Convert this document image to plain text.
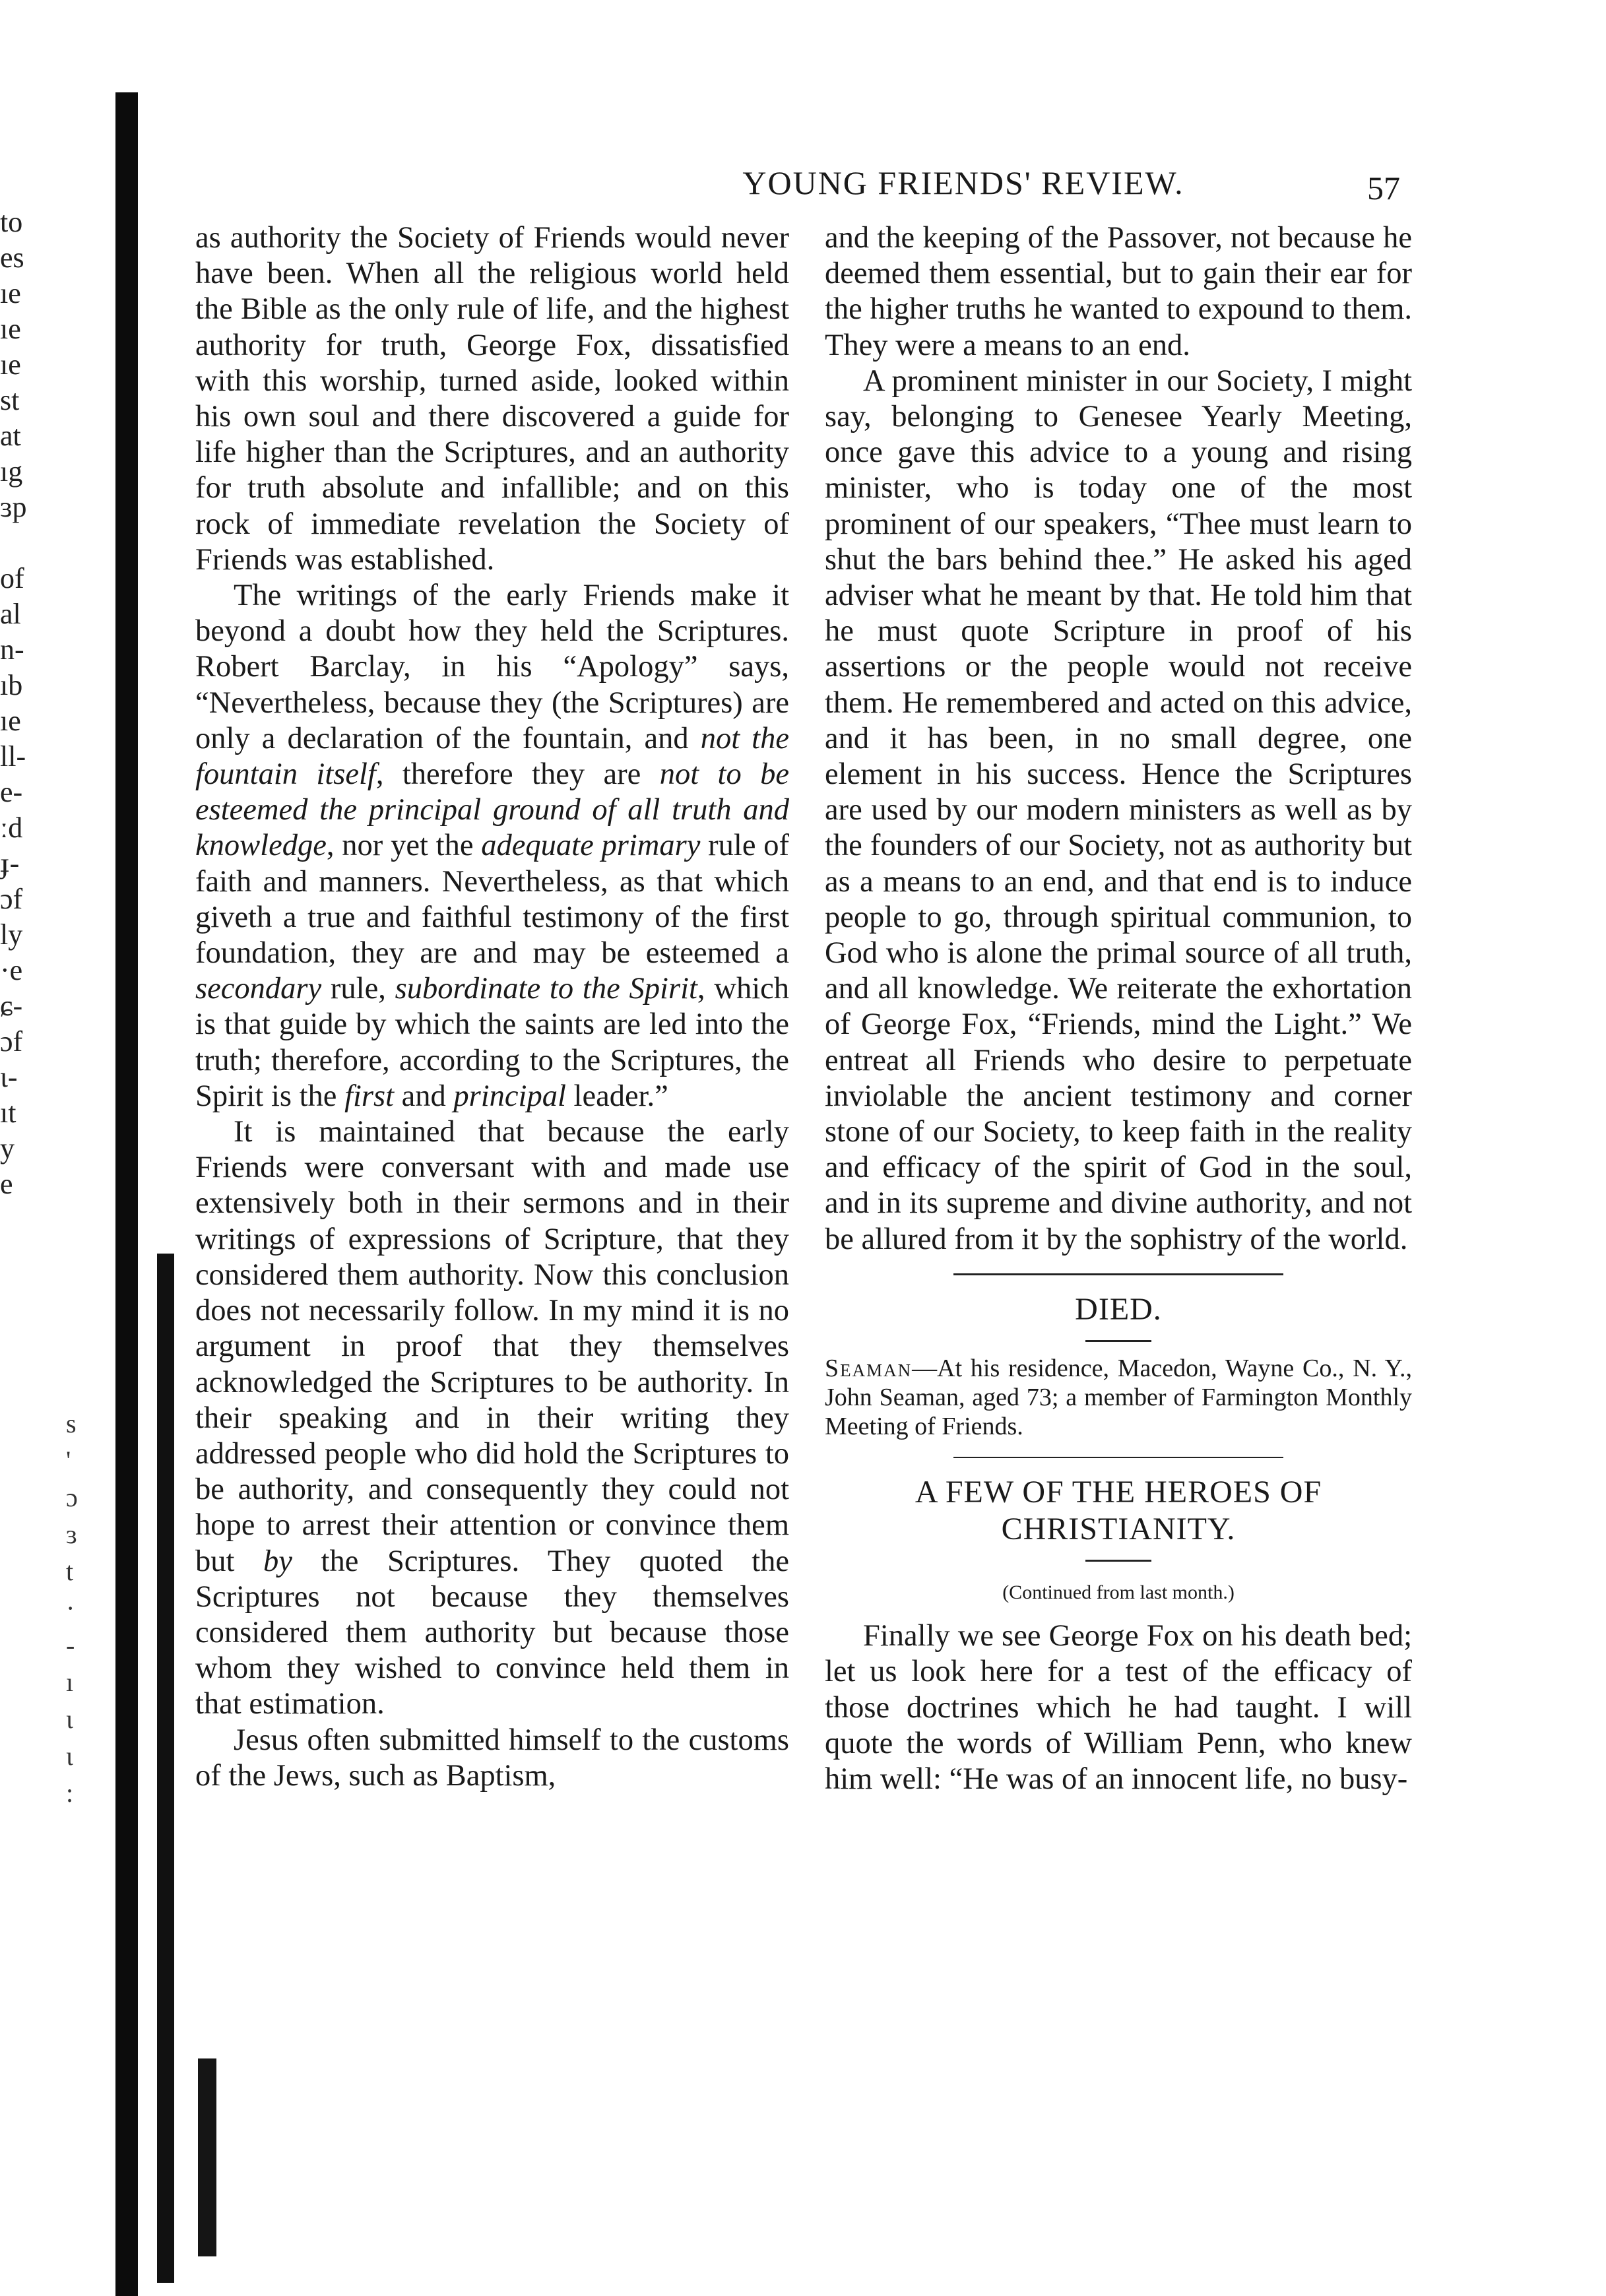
to
es
ıe
ıe
ıe
st
at
ıg
ɜp

of
al
n-
ıb
ıe
ll-
e-
ːd
ɟ-
ɔf
ly
·e
ɕ-
ɔf
ɩ-
ıt
y
e
s
'
ɔ
ɜ
t
·
-
ı
ι
ι
:
YOUNG FRIENDS' REVIEW.	57

as authority the Society of Friends would never have been. When all the religious world held the Bible as the only rule of life, and the highest authority for truth, George Fox, dissatisfied with this worship, turned aside, looked within his own soul and there discovered a guide for life higher than the Scriptures, and an authority for truth absolute and infallible; and on this rock of immediate revelation the Society of Friends was established.

The writings of the early Friends make it beyond a doubt how they held the Scriptures. Robert Barclay, in his “Apology” says, “Nevertheless, because they (the Scriptures) are only a declaration of the fountain, and not the fountain itself, therefore they are not to be esteemed the principal ground of all truth and knowledge, nor yet the adequate primary rule of faith and manners. Nevertheless, as that which giveth a true and faithful testimony of the first foundation, they are and may be esteemed a secondary rule, subordinate to the Spirit, which is that guide by which the saints are led into the truth; therefore, according to the Scriptures, the Spirit is the first and principal leader.”

It is maintained that because the early Friends were conversant with and made use extensively both in their sermons and in their writings of expressions of Scripture, that they considered them authority. Now this conclusion does not necessarily follow. In my mind it is no argument in proof that they themselves acknowledged the Scriptures to be authority. In their speaking and in their writing they addressed people who did hold the Scriptures to be authority, and consequently they could not hope to arrest their attention or convince them but by the Scriptures. They quoted the Scriptures not because they themselves considered them authority but because those whom they wished to convince held them in that estimation.

Jesus often submitted himself to the customs of the Jews, such as Baptism,

and the keeping of the Passover, not because he deemed them essential, but to gain their ear for the higher truths he wanted to expound to them. They were a means to an end.

A prominent minister in our Society, I might say, belonging to Genesee Yearly Meeting, once gave this advice to a young and rising minister, who is today one of the most prominent of our speakers, “Thee must learn to shut the bars behind thee.” He asked his aged adviser what he meant by that. He told him that he must quote Scripture in proof of his assertions or the people would not receive them. He remembered and acted on this advice, and it has been, in no small degree, one element in his success. Hence the Scriptures are used by our modern ministers as well as by the founders of our Society, not as authority but as a means to an end, and that end is to induce people to go, through spiritual communion, to God who is alone the primal source of all truth, and all knowledge. We reiterate the exhortation of George Fox, “Friends, mind the Light.” We entreat all Friends who desire to perpetuate inviolable the ancient testimony and corner stone of our Society, to keep faith in the reality and efficacy of the spirit of God in the soul, and in its supreme and divine authority, and not be allured from it by the sophistry of the world.

DIED.

Seaman—At his residence, Macedon, Wayne Co., N. Y., John Seaman, aged 73; a member of Farmington Monthly Meeting of Friends.

A FEW OF THE HEROES OF CHRISTIANITY.
(Continued from last month.)

Finally we see George Fox on his death bed; let us look here for a test of the efficacy of those doctrines which he had taught. I will quote the words of William Penn, who knew him well: “He was of an innocent life, no busy-
